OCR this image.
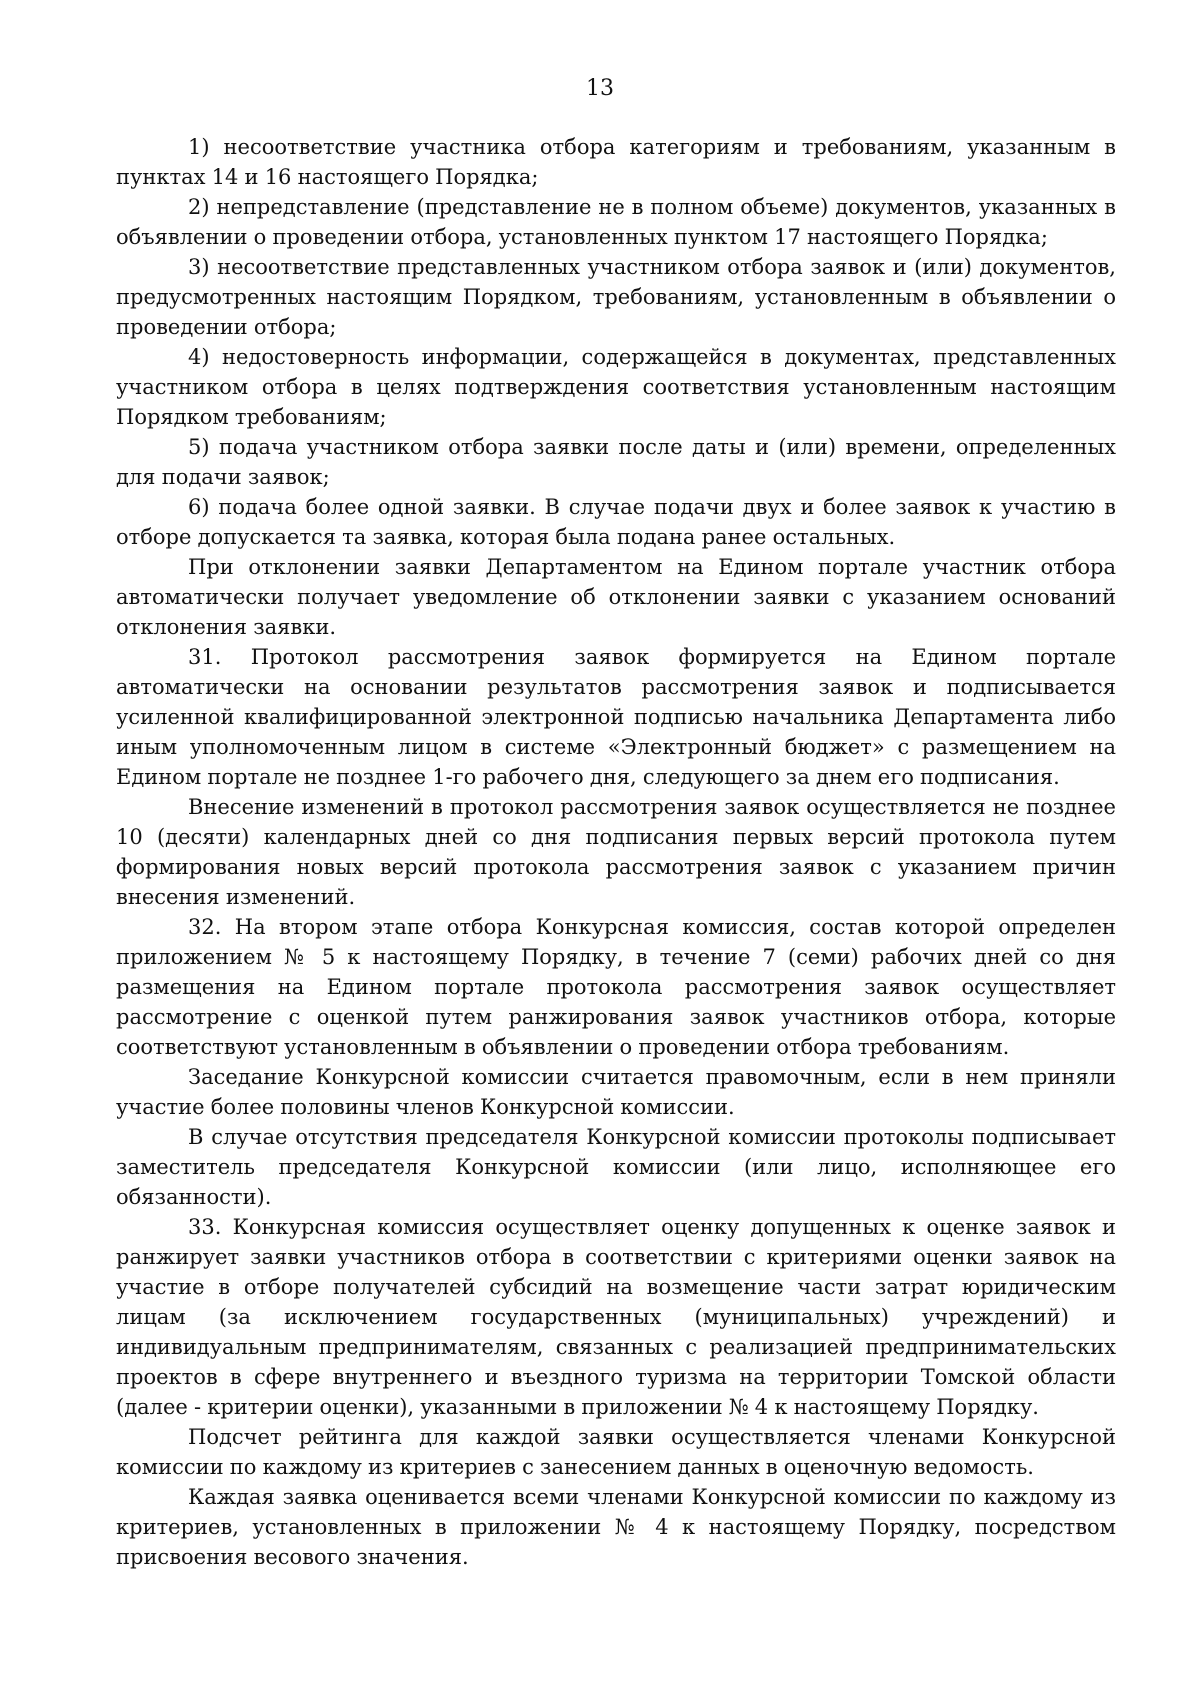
13

1) несоответствие участника отбора категориям и требованиям, указанным в пунктах 14 и 16 настоящего Порядка;

2) непредставление (представление не в полном объеме) документов, указанных в объявлении о проведении отбора, установленных пунктом 17 настоящего Порядка;

3) несоответствие представленных участником отбора заявок и (или) документов, предусмотренных настоящим Порядком, требованиям, установленным в объявлении о проведении отбора;

4) недостоверность информации, содержащейся в документах, представленных участником отбора в целях подтверждения соответствия установленным настоящим Порядком требованиям;

5) подача участником отбора заявки после даты и (или) времени, определенных для подачи заявок;

6) подача более одной заявки. В случае подачи двух и более заявок к участию в отборе допускается та заявка, которая была подана ранее остальных.

При отклонении заявки Департаментом на Едином портале участник отбора автоматически получает уведомление об отклонении заявки с указанием оснований отклонения заявки.

31. Протокол рассмотрения заявок формируется на Едином портале автоматически на основании результатов рассмотрения заявок и подписывается усиленной квалифицированной электронной подписью начальника Департамента либо иным уполномоченным лицом в системе «Электронный бюджет» с размещением на Едином портале не позднее 1-го рабочего дня, следующего за днем его подписания.

Внесение изменений в протокол рассмотрения заявок осуществляется не позднее 10 (десяти) календарных дней со дня подписания первых версий протокола путем формирования новых версий протокола рассмотрения заявок с указанием причин внесения изменений.

32. На втором этапе отбора Конкурсная комиссия, состав которой определен приложением № 5 к настоящему Порядку, в течение 7 (семи) рабочих дней со дня размещения на Едином портале протокола рассмотрения заявок осуществляет рассмотрение с оценкой путем ранжирования заявок участников отбора, которые соответствуют установленным в объявлении о проведении отбора требованиям.

Заседание Конкурсной комиссии считается правомочным, если в нем приняли участие более половины членов Конкурсной комиссии.

В случае отсутствия председателя Конкурсной комиссии протоколы подписывает заместитель председателя Конкурсной комиссии (или лицо, исполняющее его обязанности).

33. Конкурсная комиссия осуществляет оценку допущенных к оценке заявок и ранжирует заявки участников отбора в соответствии с критериями оценки заявок на участие в отборе получателей субсидий на возмещение части затрат юридическим лицам (за исключением государственных (муниципальных) учреждений) и индивидуальным предпринимателям, связанных с реализацией предпринимательских проектов в сфере внутреннего и въездного туризма на территории Томской области (далее - критерии оценки), указанными в приложении № 4 к настоящему Порядку.

Подсчет рейтинга для каждой заявки осуществляется членами Конкурсной комиссии по каждому из критериев с занесением данных в оценочную ведомость.

Каждая заявка оценивается всеми членами Конкурсной комиссии по каждому из критериев, установленных в приложении № 4 к настоящему Порядку, посредством присвоения весового значения.
